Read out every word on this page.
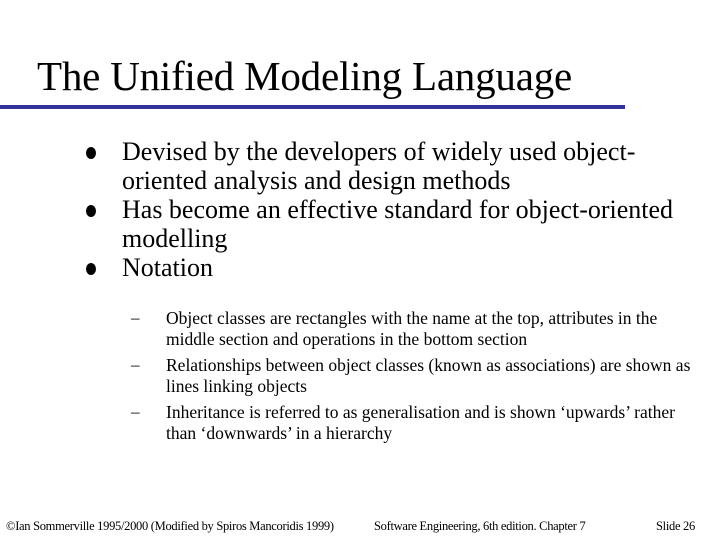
The Unified Modeling Language
Devised by the developers of widely used object-oriented analysis and design methods
Has become an effective standard for object-oriented modelling
Notation
– Object classes are rectangles with the name at the top, attributes in the middle section and operations in the bottom section
– Relationships between object classes (known as associations) are shown as lines linking objects
– Inheritance is referred to as generalisation and is shown ‘upwards’ rather than ‘downwards’ in a hierarchy
©Ian Sommerville 1995/2000 (Modified by Spiros Mancoridis 1999)	Software Engineering, 6th edition. Chapter 7	Slide 26
